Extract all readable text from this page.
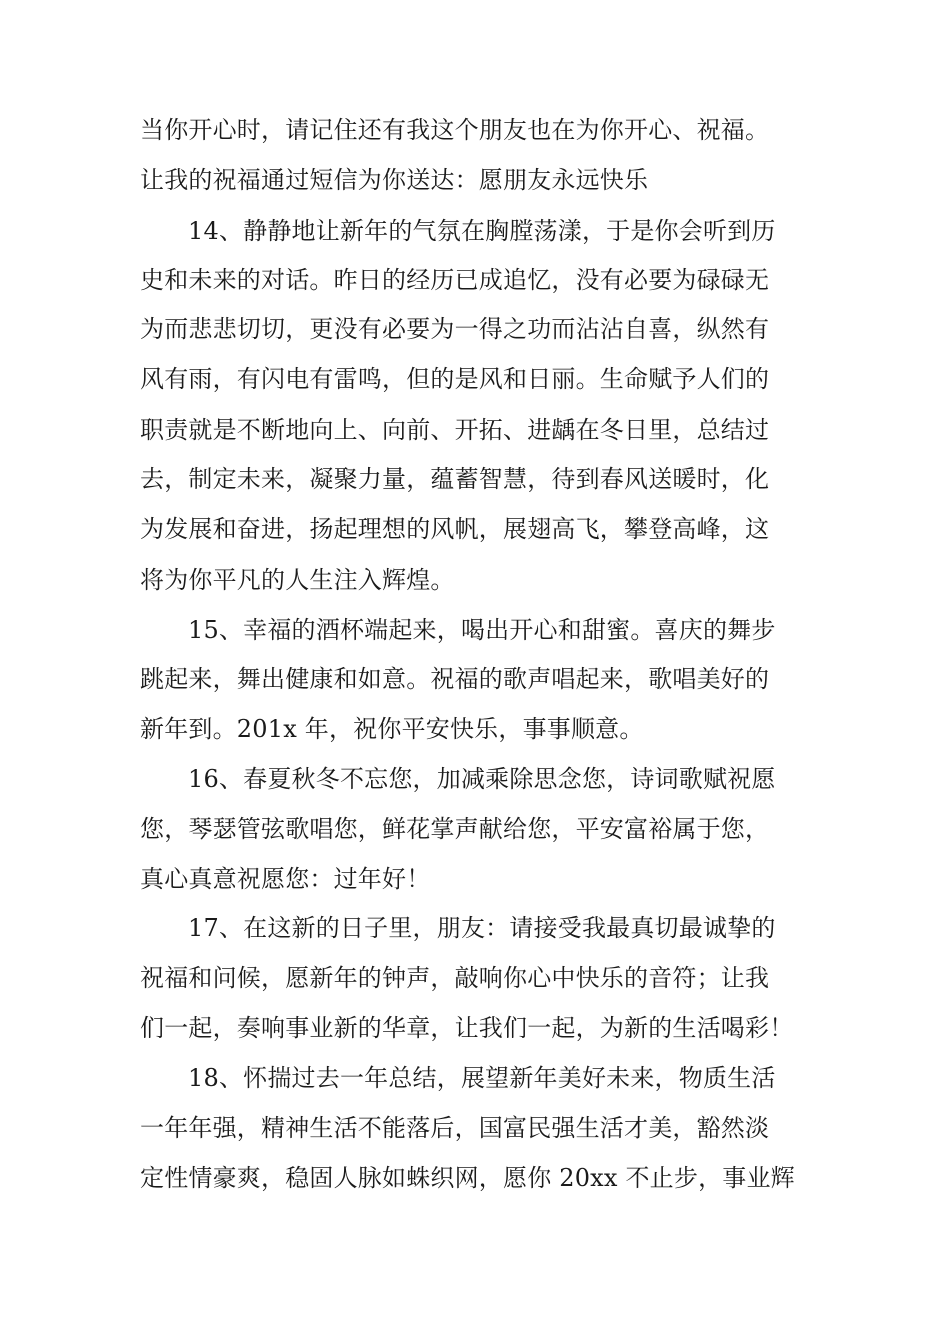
当你开心时，请记住还有我这个朋友也在为你开心、祝福。

让我的祝福通过短信为你送达：愿朋友永远快乐

14、静静地让新年的气氛在胸膛荡漾，于是你会听到历

史和未来的对话。昨日的经历已成追忆，没有必要为碌碌无

为而悲悲切切，更没有必要为一得之功而沾沾自喜，纵然有

风有雨，有闪电有雷鸣，但的是风和日丽。生命赋予人们的

职责就是不断地向上、向前、开拓、进龋在冬日里，总结过

去，制定未来，凝聚力量，蕴蓄智慧，待到春风送暖时，化

为发展和奋进，扬起理想的风帆，展翅高飞，攀登高峰，这

将为你平凡的人生注入辉煌。

15、幸福的酒杯端起来，喝出开心和甜蜜。喜庆的舞步

跳起来，舞出健康和如意。祝福的歌声唱起来，歌唱美好的

新年到。201x 年，祝你平安快乐，事事顺意。

16、春夏秋冬不忘您，加减乘除思念您，诗词歌赋祝愿

您，琴瑟管弦歌唱您，鲜花掌声献给您，平安富裕属于您，

真心真意祝愿您：过年好！

17、在这新的日子里，朋友：请接受我最真切最诚挚的

祝福和问候，愿新年的钟声，敲响你心中快乐的音符；让我

们一起，奏响事业新的华章，让我们一起，为新的生活喝彩！

18、怀揣过去一年总结，展望新年美好未来，物质生活

一年年强，精神生活不能落后，国富民强生活才美，豁然淡

定性情豪爽，稳固人脉如蛛织网，愿你 20xx 不止步，事业辉
